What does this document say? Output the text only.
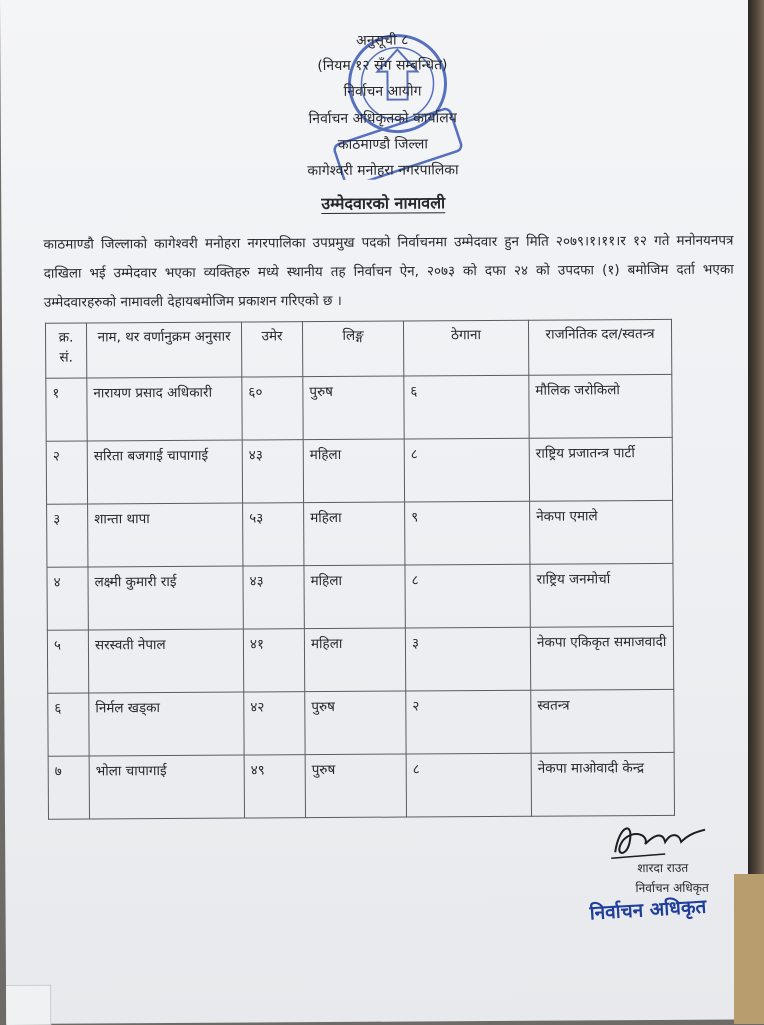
अनुसूची ८
(नियम १२ सँग सम्बन्धित)
निर्वाचन आयोग
निर्वाचन अधिकृतको कार्यालय
काठमाण्डौ जिल्ला
कागेश्वरी मनोहरा नगरपालिका
उम्मेदवारको नामावली
काठमाण्डौ जिल्लाको कागेश्वरी मनोहरा नगरपालिका उपप्रमुख पदको निर्वाचनमा उम्मेदवार हुन मिति २०७९।१।११।र १२ गते मनोनयनपत्र दाखिला भई उम्मेदवार भएका व्यक्तिहरु मध्ये स्थानीय तह निर्वाचन ऐन, २०७३ को दफा २४ को उपदफा (१) बमोजिम दर्ता भएका उम्मेदवारहरुको नामावली देहायबमोजिम प्रकाशन गरिएको छ ।
क्र. सं.	नाम, थर वर्णानुक्रम अनुसार	उमेर	लिङ्ग	ठेगाना	राजनितिक दल/स्वतन्त्र
१	नारायण प्रसाद अधिकारी	६०	पुरुष	६	मौलिक जरोकिलो
२	सरिता बजगाई चापागाई	४३	महिला	८	राष्ट्रिय प्रजातन्त्र पार्टी
३	शान्ता थापा	५३	महिला	९	नेकपा एमाले
४	लक्ष्मी कुमारी राई	४३	महिला	८	राष्ट्रिय जनमोर्चा
५	सरस्वती नेपाल	४१	महिला	३	नेकपा एकिकृत समाजवादी
६	निर्मल खड्का	४२	पुरुष	२	स्वतन्त्र
७	भोला चापागाई	४९	पुरुष	८	नेकपा माओवादी केन्द्र
शारदा राउत
निर्वाचन अधिकृत
निर्वाचन अधिकृत
